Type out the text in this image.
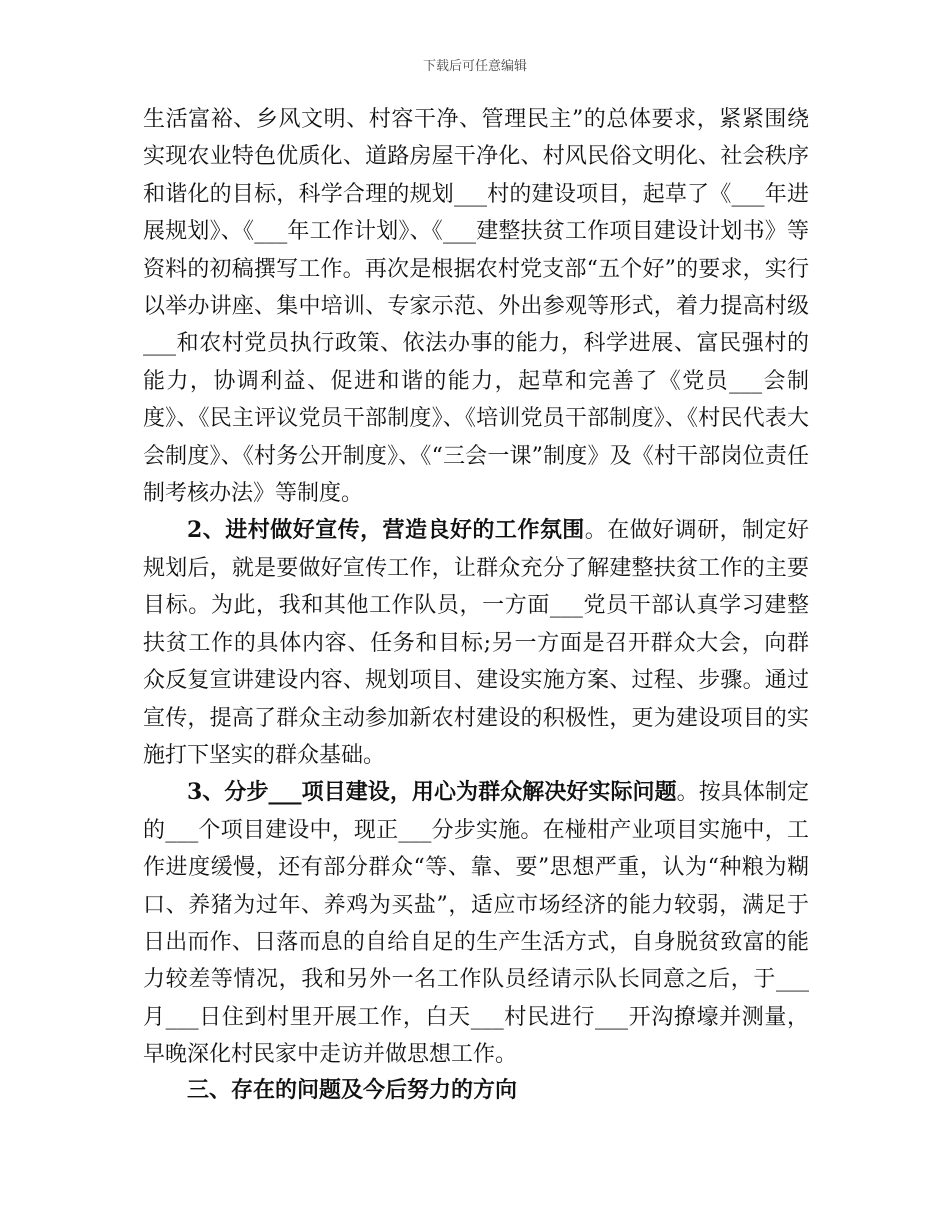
下载后可任意编辑

生活富裕、乡风文明、村容干净、管理民主”的总体要求，紧紧围绕实现农业特色优质化、道路房屋干净化、村风民俗文明化、社会秩序和谐化的目标，科学合理的规划___村的建设项目，起草了《___年进展规划》、《___年工作计划》、《___建整扶贫工作项目建设计划书》等资料的初稿撰写工作。再次是根据农村党支部“五个好”的要求，实行以举办讲座、集中培训、专家示范、外出参观等形式，着力提高村级___和农村党员执行政策、依法办事的能力，科学进展、富民强村的能力，协调利益、促进和谐的能力，起草和完善了《党员___会制度》、《民主评议党员干部制度》、《培训党员干部制度》、《村民代表大会制度》、《村务公开制度》、《“三会一课”制度》及《村干部岗位责任制考核办法》等制度。

2、进村做好宣传，营造良好的工作氛围。在做好调研，制定好规划后，就是要做好宣传工作，让群众充分了解建整扶贫工作的主要目标。为此，我和其他工作队员，一方面___党员干部认真学习建整扶贫工作的具体内容、任务和目标;另一方面是召开群众大会，向群众反复宣讲建设内容、规划项目、建设实施方案、过程、步骤。通过宣传，提高了群众主动参加新农村建设的积极性，更为建设项目的实施打下坚实的群众基础。

3、分步___项目建设，用心为群众解决好实际问题。按具体制定的___个项目建设中，现正___分步实施。在椪柑产业项目实施中，工作进度缓慢，还有部分群众“等、靠、要”思想严重，认为“种粮为糊口、养猪为过年、养鸡为买盐”，适应市场经济的能力较弱，满足于日出而作、日落而息的自给自足的生产生活方式，自身脱贫致富的能力较差等情况，我和另外一名工作队员经请示队长同意之后，于___月___日住到村里开展工作，白天___村民进行___开沟撩壕并测量，早晚深化村民家中走访并做思想工作。

三、存在的问题及今后努力的方向
